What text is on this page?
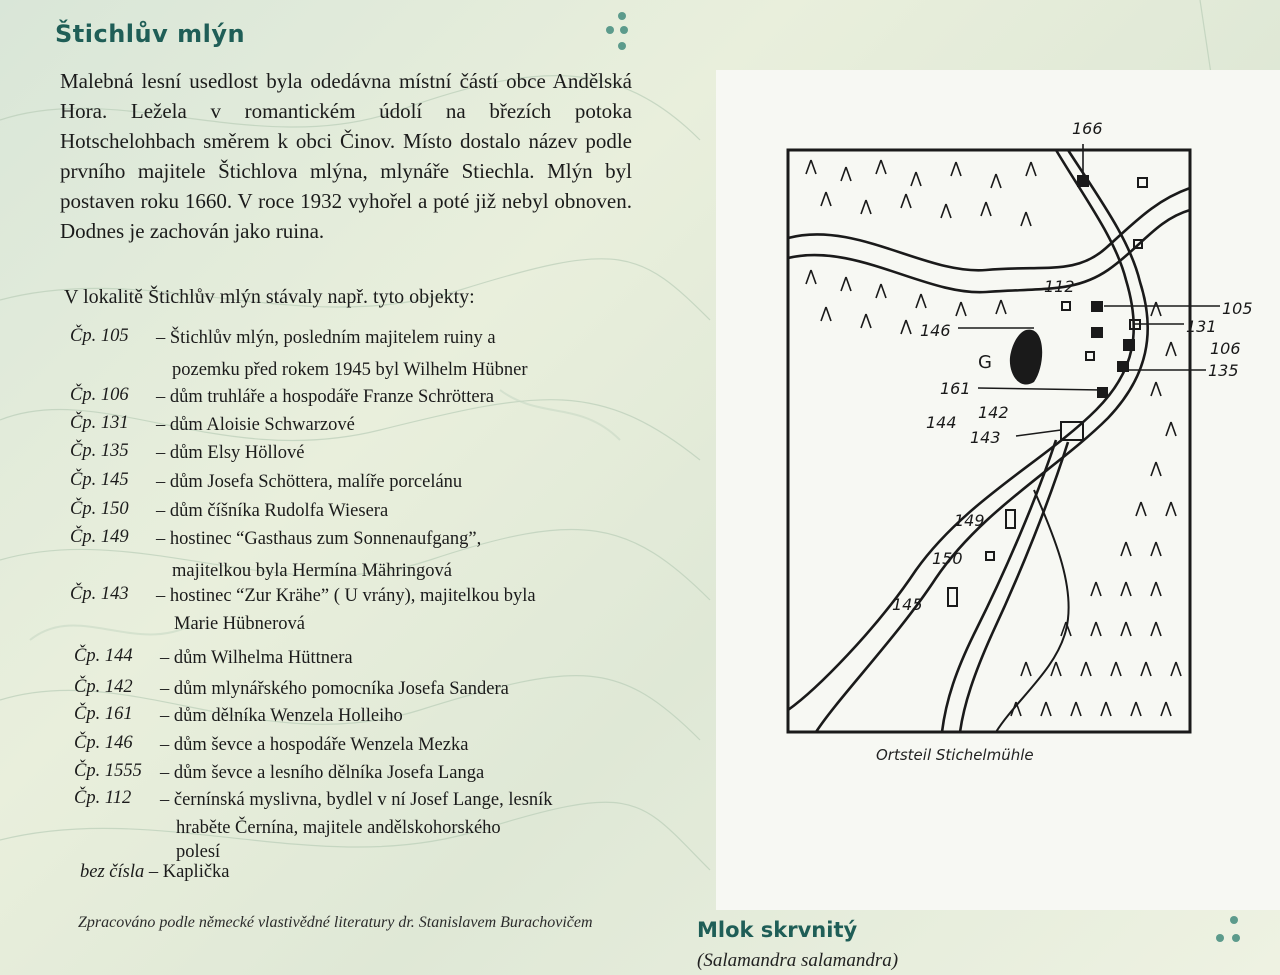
Štichlův mlýn

Malebná lesní usedlost byla odedávna místní částí obce Andělská Hora. Ležela v romantickém údolí na březích potoka Hotschelohbach směrem k obci Činov. Místo dostalo název podle prvního majitele Štichlova mlýna, mlynáře Stiechla. Mlýn byl postaven roku 1660. V roce 1932 vyhořel a poté již nebyl obnoven. Dodnes je zachován jako ruina.

V lokalitě Štichlův mlýn stávaly např. tyto objekty:

Čp. 105 – Štichlův mlýn, posledním majitelem ruiny a
pozemku před rokem 1945 byl Wilhelm Hübner
Čp. 106 – dům truhláře a hospodáře Franze Schröttera
Čp. 131 – dům Aloisie Schwarzové
Čp. 135 – dům Elsy Höllové
Čp. 145 – dům Josefa Schöttera, malíře porcelánu
Čp. 150 – dům číšníka Rudolfa Wiesera
Čp. 149 – hostinec “Gasthaus zum Sonnenaufgang”,
majitelkou byla Hermína Mähringová
Čp. 143 – hostinec “Zur Krähe” ( U vrány), majitelkou byla
Marie Hübnerová
Čp. 144 – dům Wilhelma Hüttnera
Čp. 142 – dům mlynářského pomocníka Josefa Sandera
Čp. 161 – dům dělníka Wenzela Holleiho
Čp. 146 – dům ševce a hospodáře Wenzela Mezka
Čp. 1555 – dům ševce a lesního dělníka Josefa Langa
Čp. 112 – černínská myslivna, bydlel v ní Josef Lange, lesník
hraběte Černína, majitele andělskohorského
polesí
bez čísla – Kaplička

Zpracováno podle německé vlastivědné literatury dr. Stanislavem Burachovičem

166
112
105
131
106
135
146
G
161
142
144
143
149
150
145

Ortsteil Stichelmühle

Mlok skrvnitý

(Salamandra salamandra)
